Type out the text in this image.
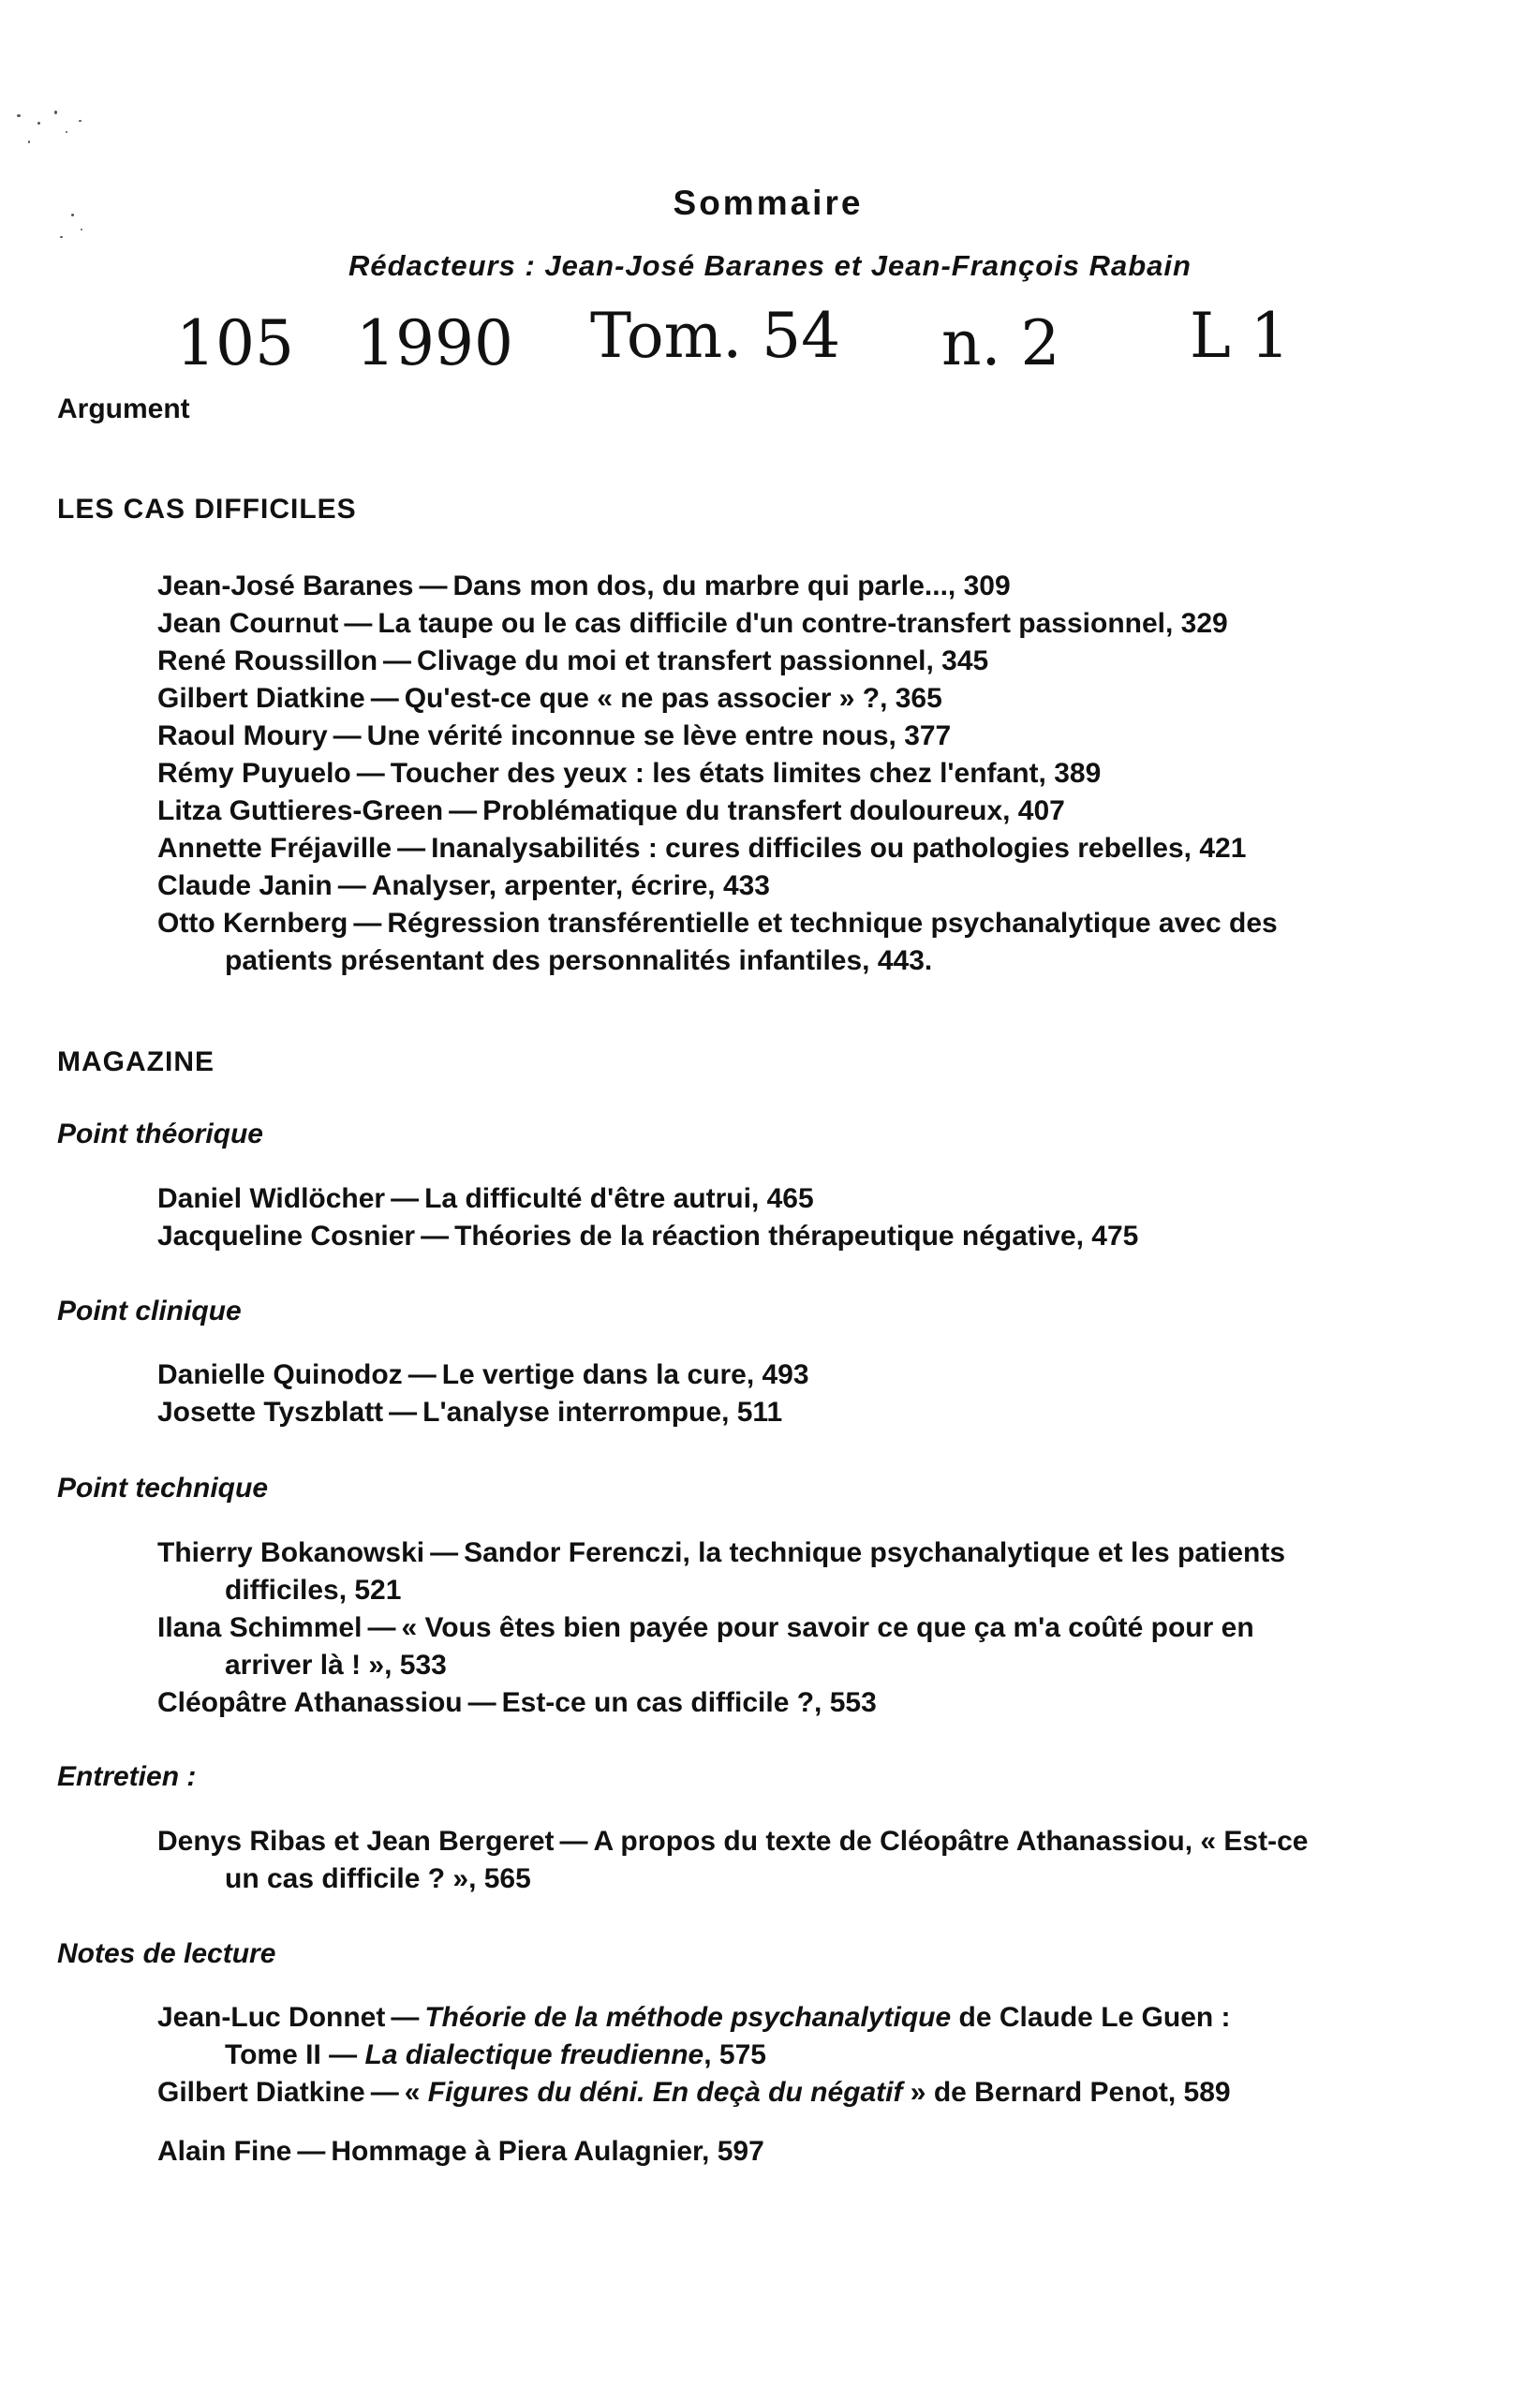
Sommaire
Rédacteurs : Jean-José Baranes et Jean-François Rabain
105 1990 Tom. 54 n. 2 L 1
Argument
LES CAS DIFFICILES
Jean-José Baranes — Dans mon dos, du marbre qui parle..., 309
Jean Cournut — La taupe ou le cas difficile d'un contre-transfert passionnel, 329
René Roussillon — Clivage du moi et transfert passionnel, 345
Gilbert Diatkine — Qu'est-ce que « ne pas associer » ?, 365
Raoul Moury — Une vérité inconnue se lève entre nous, 377
Rémy Puyuelo — Toucher des yeux : les états limites chez l'enfant, 389
Litza Guttieres-Green — Problématique du transfert douloureux, 407
Annette Fréjaville — Inanalysabilités : cures difficiles ou pathologies rebelles, 421
Claude Janin — Analyser, arpenter, écrire, 433
Otto Kernberg — Régression transférentielle et technique psychanalytique avec des
patients présentant des personnalités infantiles, 443.
MAGAZINE
Point théorique
Daniel Widlöcher — La difficulté d'être autrui, 465
Jacqueline Cosnier — Théories de la réaction thérapeutique négative, 475
Point clinique
Danielle Quinodoz — Le vertige dans la cure, 493
Josette Tyszblatt — L'analyse interrompue, 511
Point technique
Thierry Bokanowski — Sandor Ferenczi, la technique psychanalytique et les patients
difficiles, 521
Ilana Schimmel — « Vous êtes bien payée pour savoir ce que ça m'a coûté pour en
arriver là ! », 533
Cléopâtre Athanassiou — Est-ce un cas difficile ?, 553
Entretien :
Denys Ribas et Jean Bergeret — A propos du texte de Cléopâtre Athanassiou, « Est-ce
un cas difficile ? », 565
Notes de lecture
Jean-Luc Donnet — Théorie de la méthode psychanalytique de Claude Le Guen :
Tome II — La dialectique freudienne, 575
Gilbert Diatkine — « Figures du déni. En deçà du négatif » de Bernard Penot, 589
Alain Fine — Hommage à Piera Aulagnier, 597
